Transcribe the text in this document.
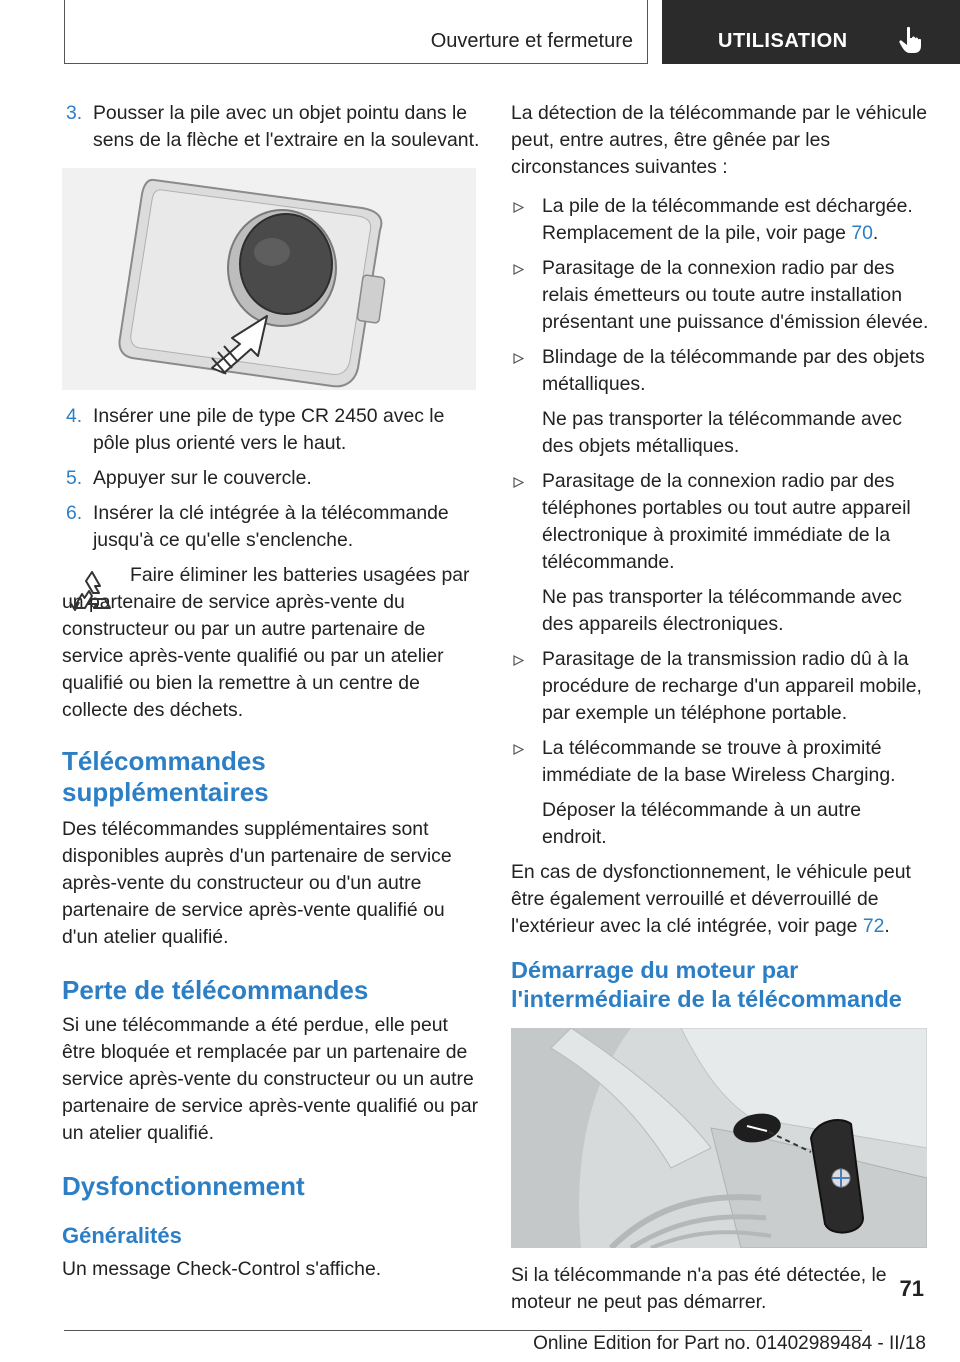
Ouverture et fermeture	UTILISATION
3. Pousser la pile avec un objet pointu dans le sens de la flèche et l'extraire en la soulevant.
4. Insérer une pile de type CR 2450 avec le pôle plus orienté vers le haut.
5. Appuyer sur le couvercle.
6. Insérer la clé intégrée à la télécommande jusqu'à ce qu'elle s'enclenche.

Faire éliminer les batteries usagées par un partenaire de service après-vente du constructeur ou par un autre partenaire de service après-vente qualifié ou par un atelier qualifié ou bien la remettre à un centre de collecte des déchets.

Télécommandes supplémentaires

Des télécommandes supplémentaires sont disponibles auprès d'un partenaire de service après-vente du constructeur ou d'un autre partenaire de service après-vente qualifié ou d'un atelier qualifié.

Perte de télécommandes

Si une télécommande a été perdue, elle peut être bloquée et remplacée par un partenaire de service après-vente du constructeur ou un autre partenaire de service après-vente qualifié ou par un atelier qualifié.

Dysfonctionnement
Généralités

Un message Check-Control s'affiche.

La détection de la télécommande par le véhicule peut, entre autres, être gênée par les circonstances suivantes :

La pile de la télécommande est déchargée. Remplacement de la pile, voir page 70.
Parasitage de la connexion radio par des relais émetteurs ou toute autre installation présentant une puissance d'émission élevée.
Blindage de la télécommande par des objets métalliques.

Ne pas transporter la télécommande avec des objets métalliques.

Parasitage de la connexion radio par des téléphones portables ou tout autre appareil électronique à proximité immédiate de la télécommande.

Ne pas transporter la télécommande avec des appareils électroniques.

Parasitage de la transmission radio dû à la procédure de recharge d'un appareil mobile, par exemple un téléphone portable.
La télécommande se trouve à proximité immédiate de la base Wireless Charging.

Déposer la télécommande à un autre endroit.

En cas de dysfonctionnement, le véhicule peut être également verrouillé et déverrouillé de l'extérieur avec la clé intégrée, voir page 72.

Démarrage du moteur par l'intermédiaire de la télécommande

Si la télécommande n'a pas été détectée, le moteur ne peut pas démarrer.

71
Online Edition for Part no. 01402989484 - II/18
